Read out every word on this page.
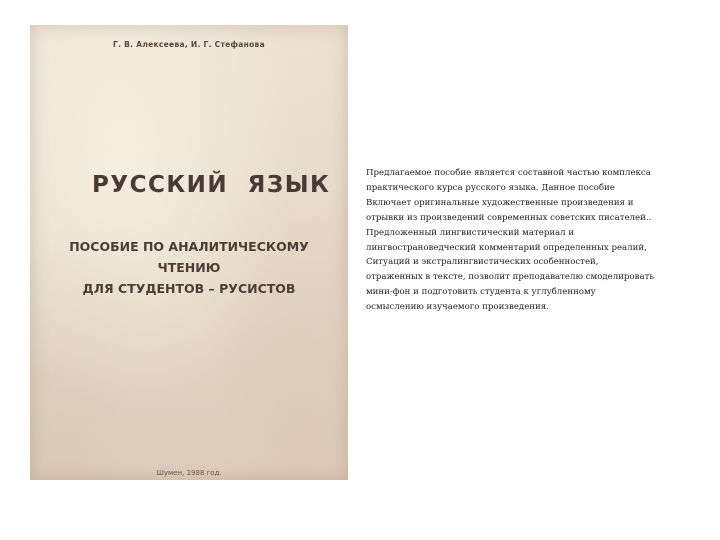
Г. В. Алексеева, И. Г. Стефанова
РУССКИЙ ЯЗЫК
ПОСОБИЕ ПО АНАЛИТИЧЕСКОМУ
ЧТЕНИЮ
ДЛЯ СТУДЕНТОВ – РУСИСТОВ
Шумен, 1988 год.
Предлагаемое пособие является составной частью комплекса
практического курса русского языка. Данное пособие
Включает оригинальные художественные произведения и
отрывки из произведений современных советских писателей..
Предложенный лингвистический материал и
лингвострановедческий комментарий определенных реалий,
Ситуаций и экстралингвистических особенностей,
отраженных в тексте, позволит преподавателю смоделировать
мини-фон и подготовить студента к углубленному
осмыслению изучаемого произведения.
